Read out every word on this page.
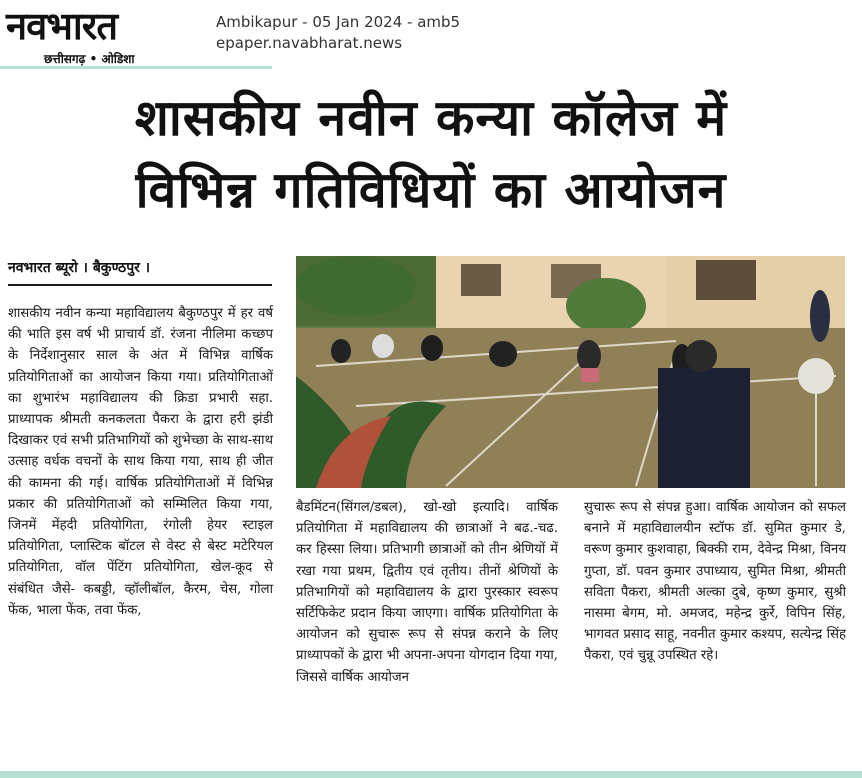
नवभारत
छत्तीसगढ़ • ओडिशा
Ambikapur - 05 Jan 2024 - amb5
epaper.navabharat.news
शासकीय नवीन कन्या कॉलेज में
विभिन्न गतिविधियों का आयोजन
नवभारत ब्यूरो । बैकुण्ठपुर ।
शासकीय नवीन कन्या महाविद्यालय बैकुण्ठपुर में हर वर्ष की भाति इस वर्ष भी प्राचार्य डॉ. रंजना नीलिमा कच्छप के निर्देशानुसार साल के अंत में विभिन्न वार्षिक प्रतियोगिताओं का आयोजन किया गया। प्रतियोगिताओं का शुभारंभ महाविद्यालय की क्रिडा प्रभारी सहा. प्राध्यापक श्रीमती कनकलता पैकरा के द्वारा हरी झंडी दिखाकर एवं सभी प्रतिभागियों को शुभेच्छा के साथ-साथ उत्साह वर्धक वचनों के साथ किया गया, साथ ही जीत की कामना की गई। वार्षिक प्रतियोगिताओं में विभिन्न प्रकार की प्रतियोगिताओं को सम्मिलित किया गया, जिनमें मेंहदी प्रतियोगिता, रंगोली हेयर स्टाइल प्रतियोगिता, प्लास्टिक बॉटल से वेस्ट से बेस्ट मटेरियल प्रतियोगिता, वॉल पेंटिंग प्रतियोगिता, खेल-कूद से संबंधित जैसे- कबड्डी, व्हॉलीबॉल, कैरम, चेस, गोला फेंक, भाला फेंक, तवा फेंक,
बैडमिंटन(सिंगल/डबल), खो-खो इत्यादि। वार्षिक प्रतियोगिता में महाविद्यालय की छात्राओं ने बढ.-चढ. कर हिस्सा लिया। प्रतिभागी छात्राओं को तीन श्रेणियों में रखा गया प्रथम, द्वितीय एवं तृतीय। तीनों श्रेणियों के प्रतिभागियों को महाविद्यालय के द्वारा पुरस्कार स्वरूप सर्टिफिकेट प्रदान किया जाएगा। वार्षिक प्रतियोगिता के आयोजन को सुचारू रूप से संपन्न कराने के लिए प्राध्यापकों के द्वारा भी अपना-अपना योगदान दिया गया, जिससे वार्षिक आयोजन
सुचारू रूप से संपन्न हुआ। वार्षिक आयोजन को सफल बनाने में महाविद्यालयीन स्टॉफ डॉ. सुमित कुमार डे, वरूण कुमार कुशवाहा, बिक्की राम, देवेन्द्र मिश्रा, विनय गुप्ता, डॉ. पवन कुमार उपाध्याय, सुमित मिश्रा, श्रीमती सविता पैकरा, श्रीमती अल्का दुबे, कृष्ण कुमार, सुश्री नासमा बेगम, मो. अमजद, महेन्द्र कुर्रे, विपिन सिंह, भागवत प्रसाद साहू, नवनीत कुमार कश्यप, सत्येन्द्र सिंह पैकरा, एवं चुन्नू उपस्थित रहे।
